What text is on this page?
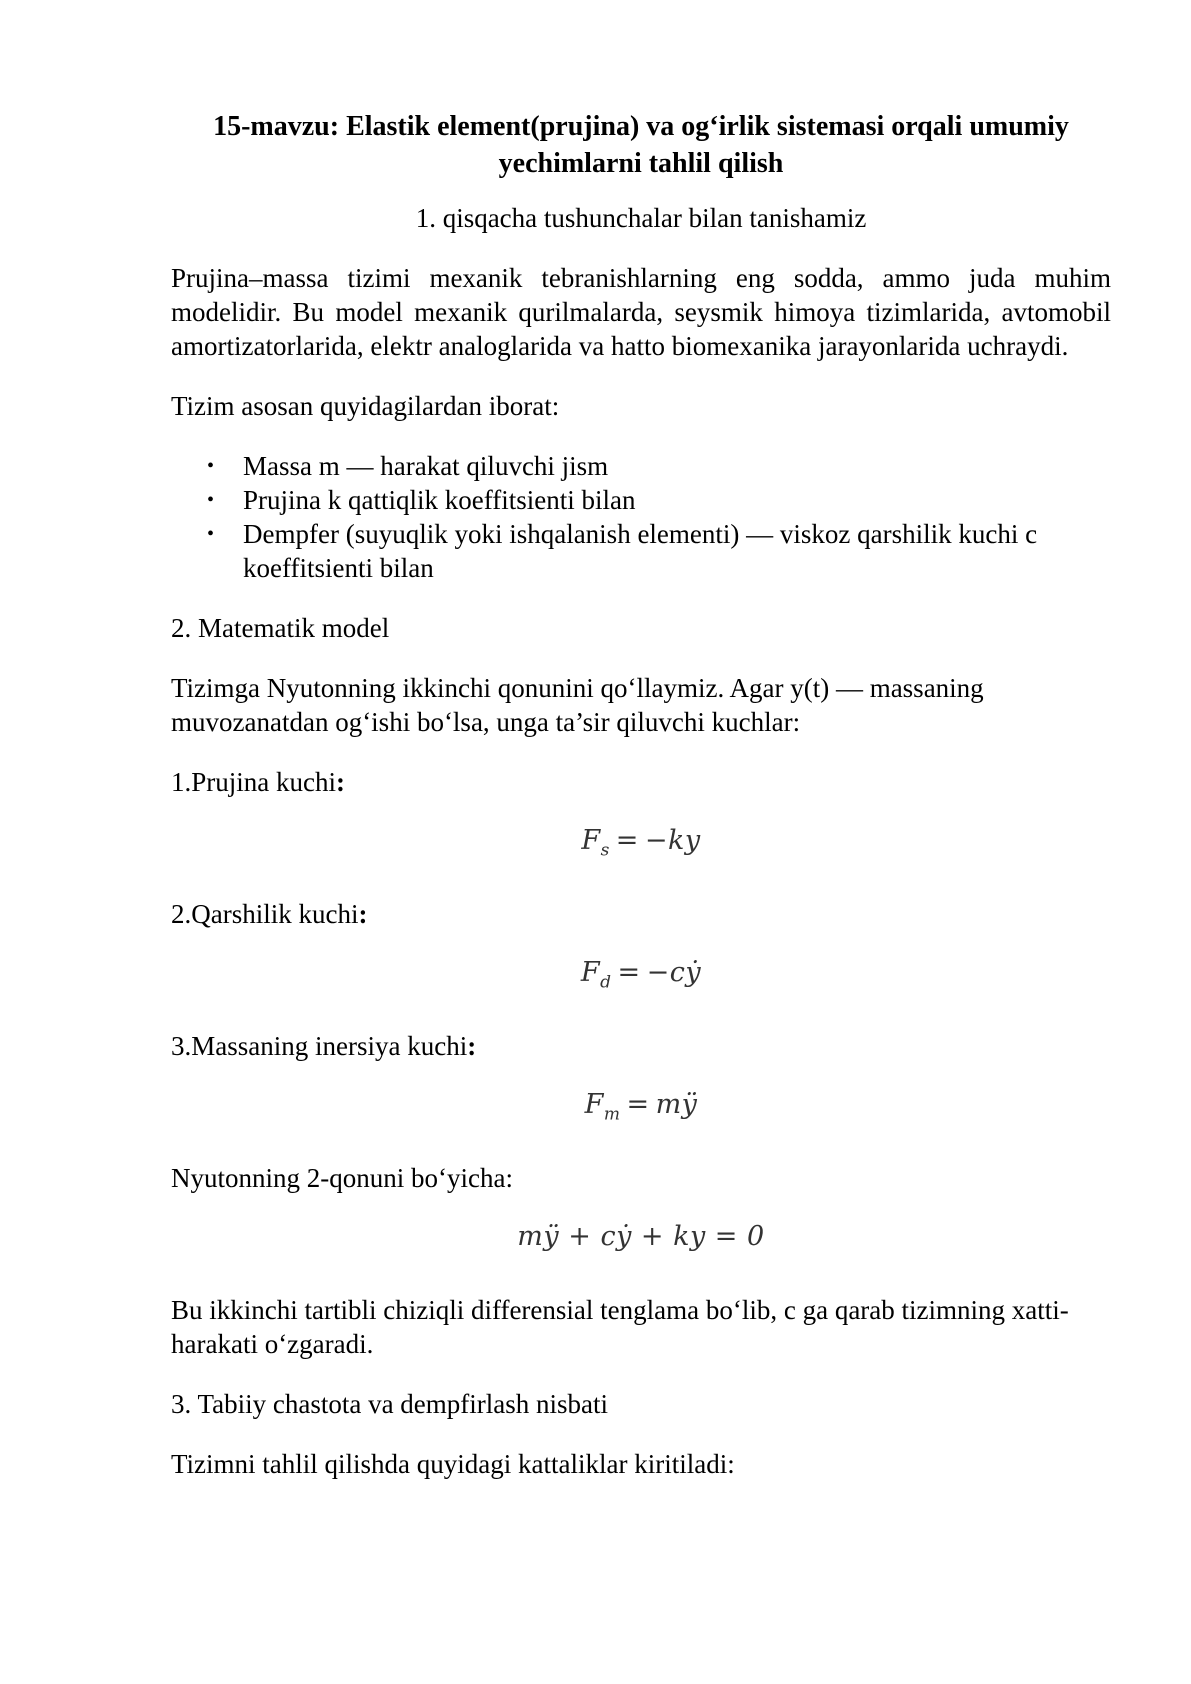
15-mavzu: Elastik element(prujina) va og‘irlik sistemasi orqali umumiy yechimlarni tahlil qilish
1. qisqacha tushunchalar bilan tanishamiz

Prujina–massa tizimi mexanik tebranishlarning eng sodda, ammo juda muhim modelidir. Bu model mexanik qurilmalarda, seysmik himoya tizimlarida, avtomobil amortizatorlarida, elektr analoglarida va hatto biomexanika jarayonlarida uchraydi.

Tizim asosan quyidagilardan iborat:

• Massa m — harakat qiluvchi jism
• Prujina k qattiqlik koeffitsienti bilan
• Dempfer (suyuqlik yoki ishqalanish elementi) — viskoz qarshilik kuchi c koeffitsienti bilan

2. Matematik model

Tizimga Nyutonning ikkinchi qonunini qo‘llaymiz. Agar y(t) — massaning muvozanatdan og‘ishi bo‘lsa, unga ta’sir qiluvchi kuchlar:

1.Prujina kuchi:

$F_s = -ky$

2.Qarshilik kuchi:

$F_d$ = −cẏ

3.Massaning inersiya kuchi:

$F_m$ = mÿ

Nyutonning 2-qonuni bo‘yicha:

mÿ + cẏ + ky = 0

Bu ikkinchi tartibli chiziqli differensial tenglama bo‘lib, c ga qarab tizimning xatti-harakati o‘zgaradi.

3. Tabiiy chastota va dempfirlash nisbati

Tizimni tahlil qilishda quyidagi kattaliklar kiritiladi:
